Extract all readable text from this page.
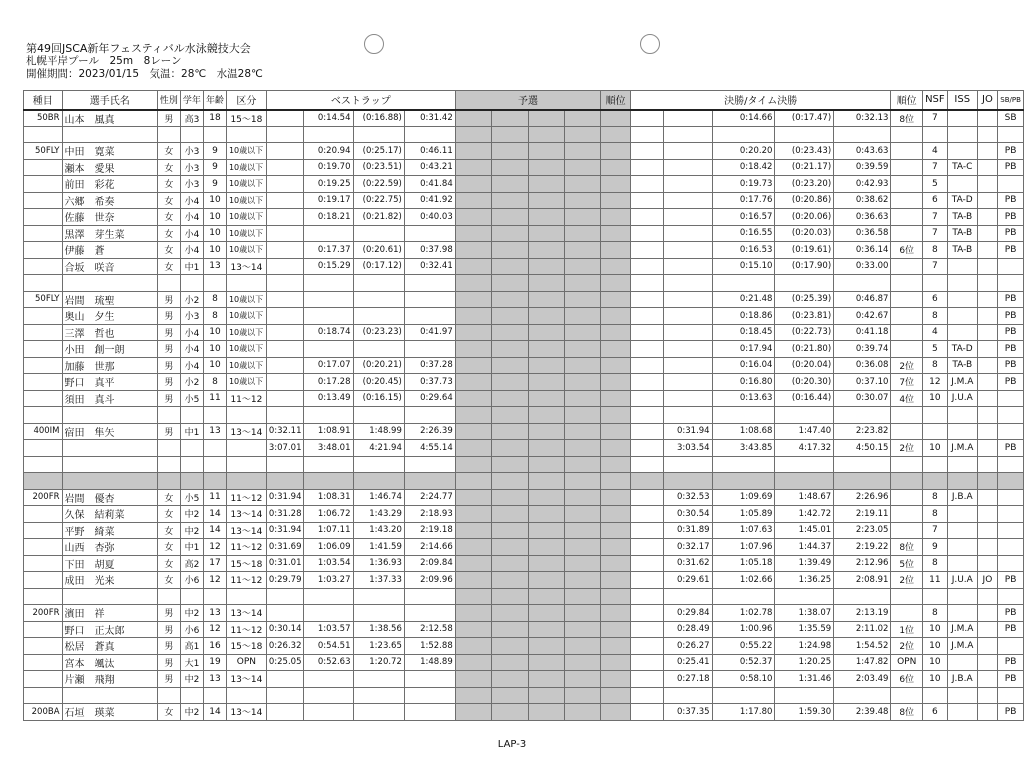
第49回JSCA新年フェスティバル水泳競技大会
札幌平岸プール　25m　8レーン
開催期間：2023/01/15　気温：28℃　水温28℃
種目	選手氏名	性別	学年	年齢	区分	ベストラップ				予選				順位	決勝/タイム決勝					順位	NSF	ISS	JO	SB/PB
50BR	山本　風真	男	高3	18	15～18		0:14.54	(0:16.88)	0:31.42								0:14.66	(0:17.47)	0:32.13	8位	7			SB

50FLY	中田　寛菜	女	小3	9	10歳以下		0:20.94	(0:25.17)	0:46.11								0:20.20	(0:23.43)	0:43.63		4			PB
	瀬本　愛果	女	小3	9	10歳以下		0:19.70	(0:23.51)	0:43.21								0:18.42	(0:21.17)	0:39.59		7	TA-C		PB
	前田　彩花	女	小3	9	10歳以下		0:19.25	(0:22.59)	0:41.84								0:19.73	(0:23.20)	0:42.93		5			
	六郷　希奏	女	小4	10	10歳以下		0:19.17	(0:22.75)	0:41.92								0:17.76	(0:20.86)	0:38.62		6	TA-D		PB
	佐藤　世奈	女	小4	10	10歳以下		0:18.21	(0:21.82)	0:40.03								0:16.57	(0:20.06)	0:36.63		7	TA-B		PB
	黒澤　芽生菜	女	小4	10	10歳以下												0:16.55	(0:20.03)	0:36.58		7	TA-B		PB
	伊藤　蒼	女	小4	10	10歳以下		0:17.37	(0:20.61)	0:37.98								0:16.53	(0:19.61)	0:36.14	6位	8	TA-B		PB
	合坂　咲音	女	中1	13	13～14		0:15.29	(0:17.12)	0:32.41								0:15.10	(0:17.90)	0:33.00		7			

50FLY	岩間　琉聖	男	小2	8	10歳以下												0:21.48	(0:25.39)	0:46.87		6			PB
	奥山　夕生	男	小3	8	10歳以下												0:18.86	(0:23.81)	0:42.67		8			PB
	三澤　哲也	男	小4	10	10歳以下		0:18.74	(0:23.23)	0:41.97								0:18.45	(0:22.73)	0:41.18		4			PB
	小田　創一朗	男	小4	10	10歳以下												0:17.94	(0:21.80)	0:39.74		5	TA-D		PB
	加藤　世那	男	小4	10	10歳以下		0:17.07	(0:20.21)	0:37.28								0:16.04	(0:20.04)	0:36.08	2位	8	TA-B		PB
	野口　真平	男	小2	8	10歳以下		0:17.28	(0:20.45)	0:37.73								0:16.80	(0:20.30)	0:37.10	7位	12	J.M.A		PB
	須田　真斗	男	小5	11	11～12		0:13.49	(0:16.15)	0:29.64								0:13.63	(0:16.44)	0:30.07	4位	10	J.U.A		

400IM	宿田　隼矢	男	中1	13	13～14	0:32.11	1:08.91	1:48.99	2:26.39							0:31.94	1:08.68	1:47.40	2:23.82					
						3:07.01	3:48.01	4:21.94	4:55.14							3:03.54	3:43.85	4:17.32	4:50.15	2位	10	J.M.A		PB

200FR	岩間　優杏	女	小5	11	11～12	0:31.94	1:08.31	1:46.74	2:24.77							0:32.53	1:09.69	1:48.67	2:26.96		8	J.B.A		
	久保　結莉菜	女	中2	14	13～14	0:31.28	1:06.72	1:43.29	2:18.93							0:30.54	1:05.89	1:42.72	2:19.11		8			
	平野　綺菜	女	中2	14	13～14	0:31.94	1:07.11	1:43.20	2:19.18							0:31.89	1:07.63	1:45.01	2:23.05		7			
	山西　杏弥	女	中1	12	11～12	0:31.69	1:06.09	1:41.59	2:14.66							0:32.17	1:07.96	1:44.37	2:19.22	8位	9			
	下田　胡夏	女	高2	17	15～18	0:31.01	1:03.54	1:36.93	2:09.84							0:31.62	1:05.18	1:39.49	2:12.96	5位	8			
	成田　光来	女	小6	12	11～12	0:29.79	1:03.27	1:37.33	2:09.96							0:29.61	1:02.66	1:36.25	2:08.91	2位	11	J.U.A	JO	PB

200FR	濱田　祥	男	中2	13	13～14											0:29.84	1:02.78	1:38.07	2:13.19		8			PB
	野口　正太郎	男	小6	12	11～12	0:30.14	1:03.57	1:38.56	2:12.58							0:28.49	1:00.96	1:35.59	2:11.02	1位	10	J.M.A		PB
	松居　蒼真	男	高1	16	15～18	0:26.32	0:54.51	1:23.65	1:52.88							0:26.27	0:55.22	1:24.98	1:54.52	2位	10	J.M.A		
	宮本　颯汰	男	大1	19	OPN	0:25.05	0:52.63	1:20.72	1:48.89							0:25.41	0:52.37	1:20.25	1:47.82	OPN	10			PB
	片瀬　飛翔	男	中2	13	13～14											0:27.18	0:58.10	1:31.46	2:03.49	6位	10	J.B.A		PB

200BA	石垣　瑛菜	女	中2	14	13～14											0:37.35	1:17.80	1:59.30	2:39.48	8位	6			PB
LAP-3
